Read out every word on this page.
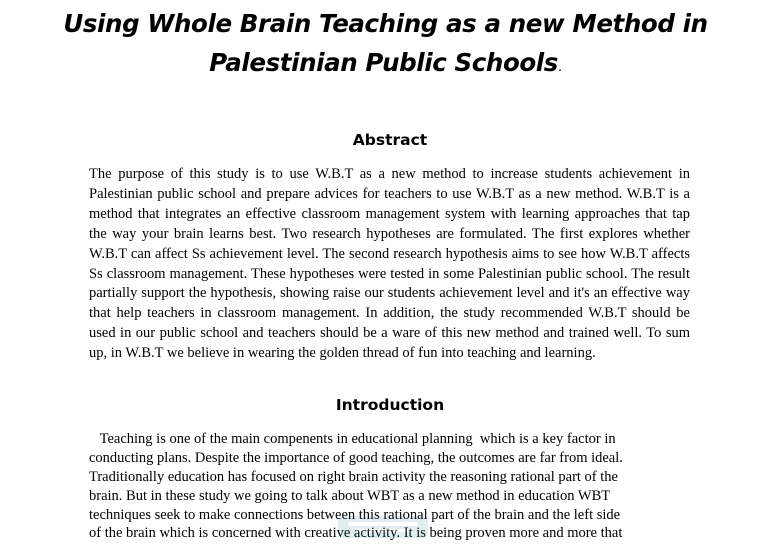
Using Whole Brain Teaching as a new Method in
Palestinian Public Schools.
Abstract

The purpose of this study is to use W.B.T as a new method to increase students achievement in Palestinian public school and prepare advices for teachers to use W.B.T as a new method. W.B.T is a method that integrates an effective classroom management system with learning approaches that tap the way your brain learns best. Two research hypotheses are formulated. The first explores whether W.B.T can affect Ss achievement level. The second research hypothesis aims to see how W.B.T affects Ss classroom management. These hypotheses were tested in some Palestinian public school. The result partially support the hypothesis, showing raise our students achievement level and it's an effective way that help teachers in classroom management. In addition, the study recommended W.B.T should be used in our public school and teachers should be a ware of this new method and trained well. To sum up, in W.B.T we believe in wearing the golden thread of fun into teaching and learning.

Introduction
Teaching is one of the main compenents in educational planning  which is a key factor in
conducting plans. Despite the importance of good teaching, the outcomes are far from ideal.
Traditionally education has focused on right brain activity the reasoning rational part of the
brain. But in these study we going to talk about WBT as a new method in education WBT
techniques seek to make connections between this rational part of the brain and the left side
of the brain which is concerned with creative activity. It is being proven more and more that
